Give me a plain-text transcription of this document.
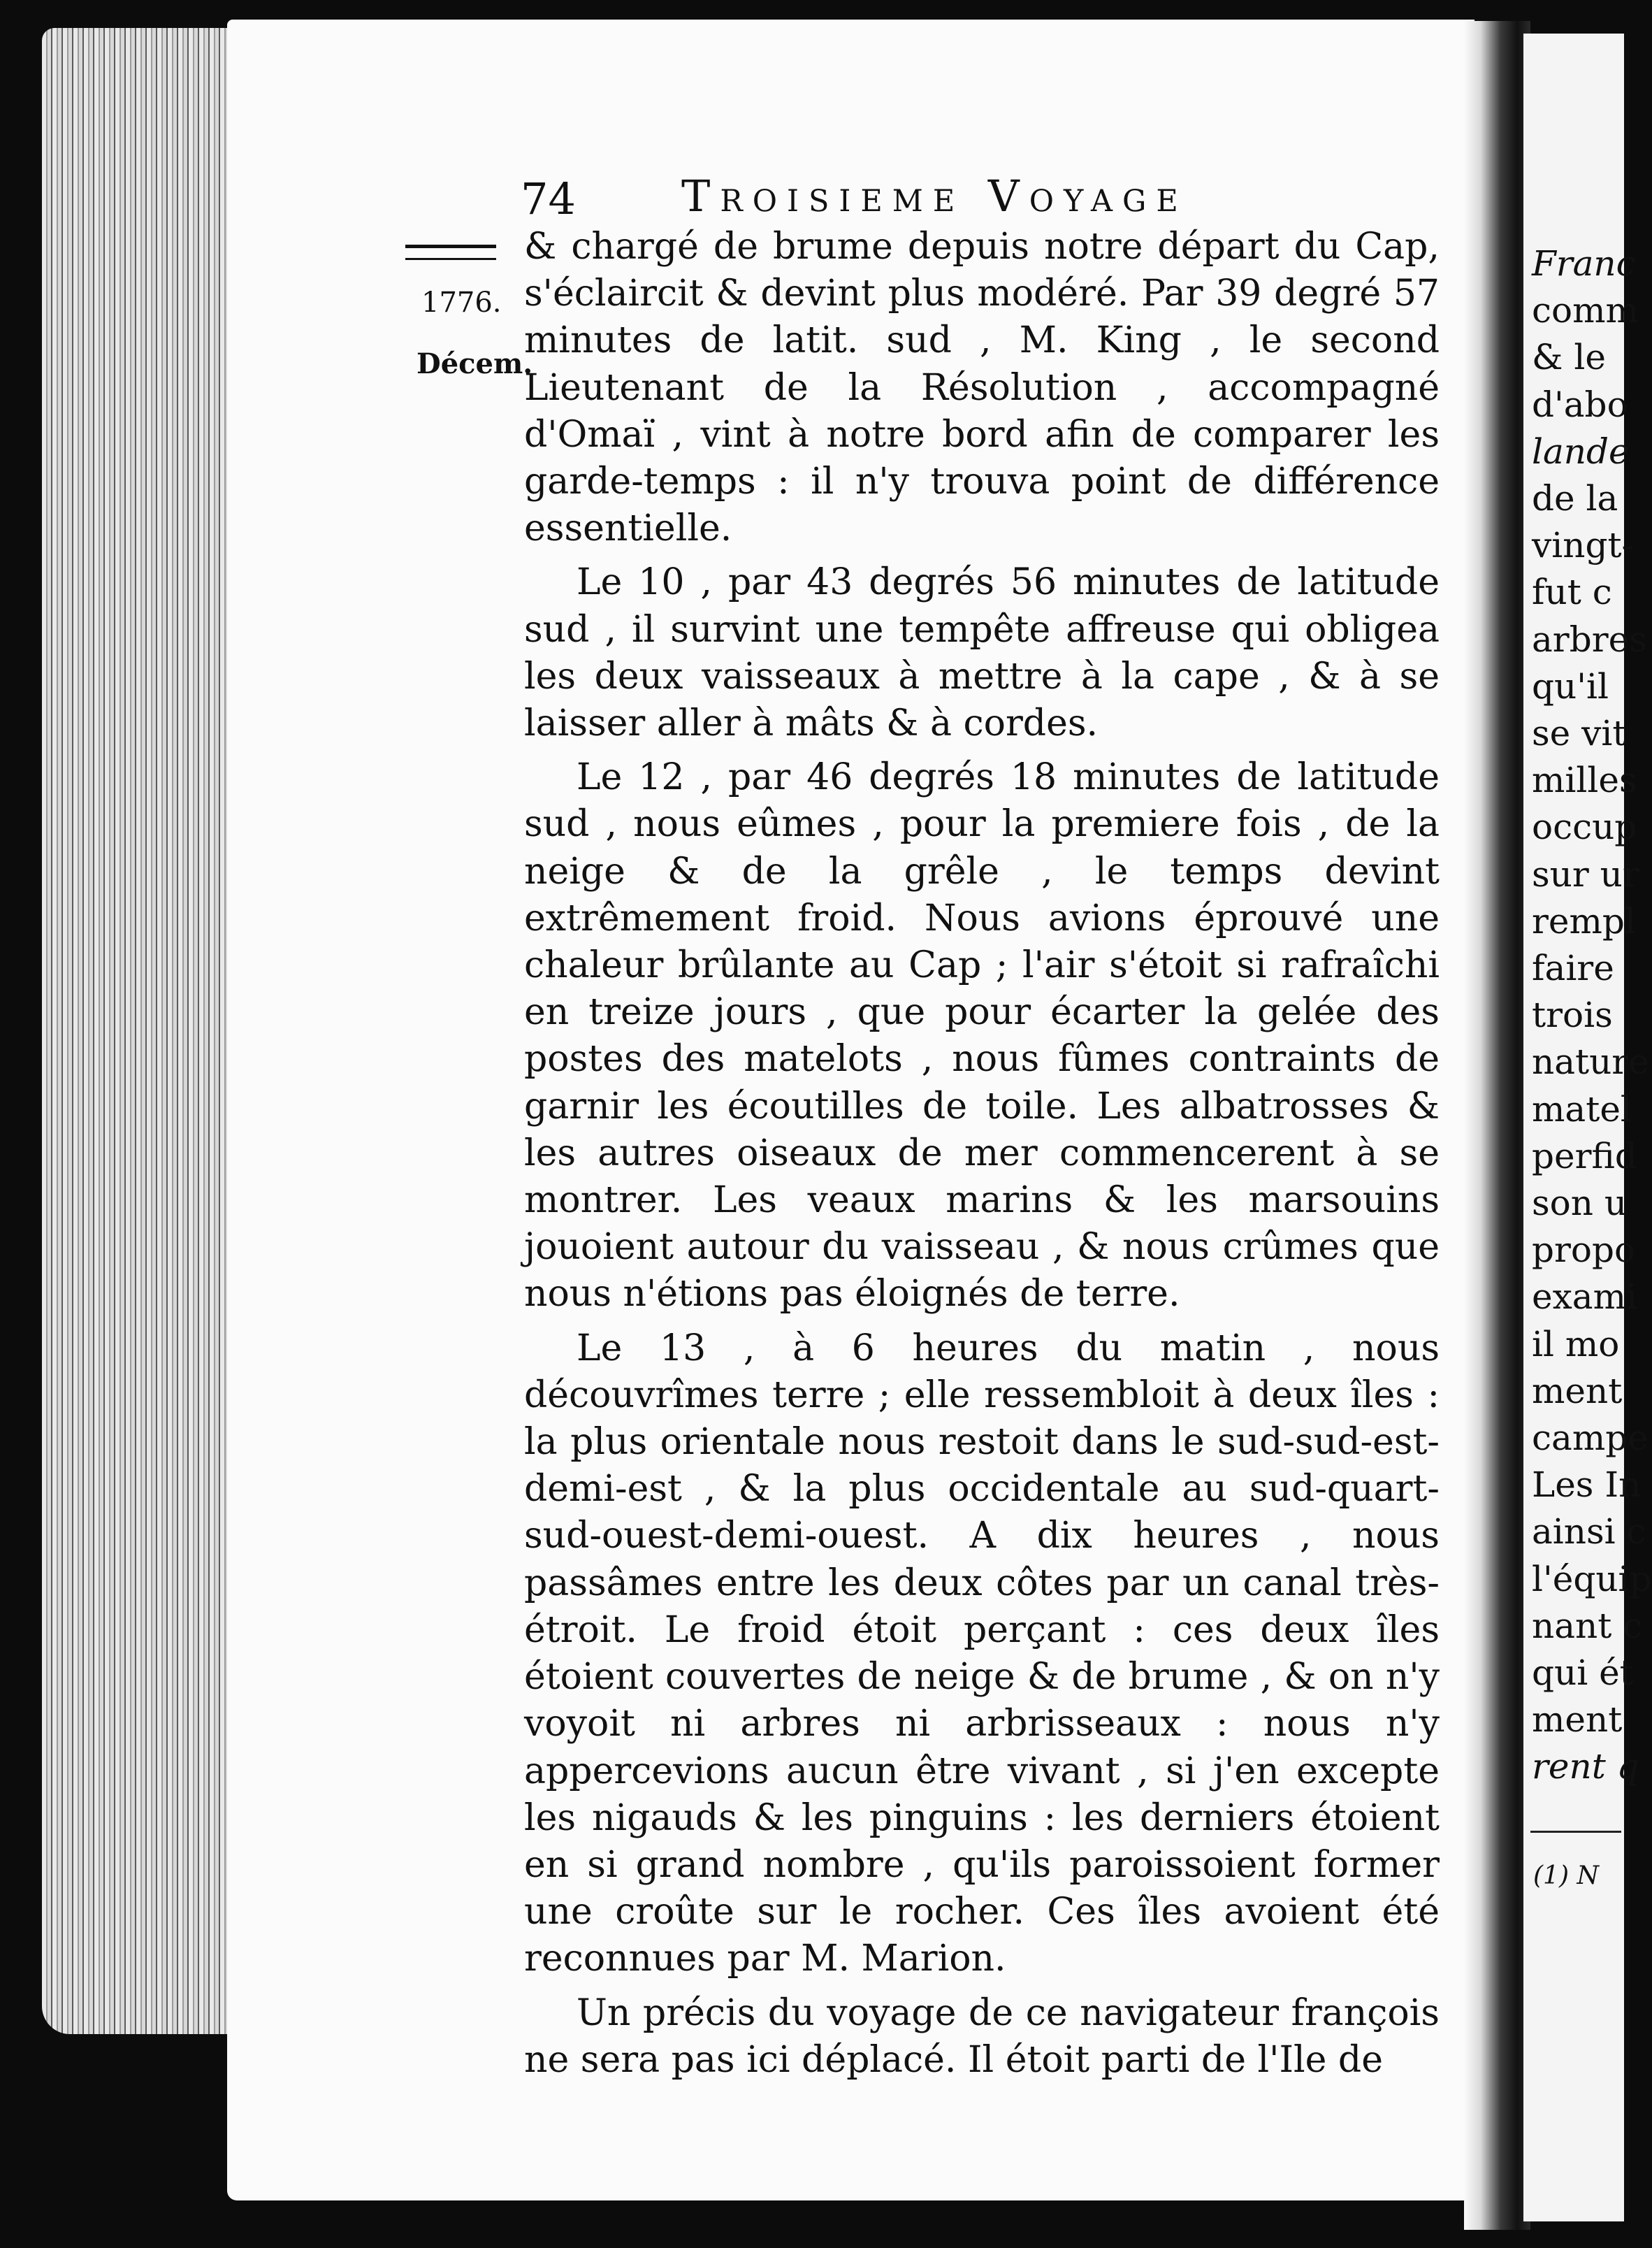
Franc
comm
& le
d'abo
lande
de la
vingt-
fut c
arbres
qu'il
se vit
milles
occup
sur ur
rempl
faire
trois
nature
matel
perfid
son u
propo
exami
il mo
ment
campe
Les In
ainsi c
l'équip
nant c
qui ét
ment
rent q
(1) N
74 Troisieme Voyage
1776.
Décem.

& chargé de brume depuis notre départ du Cap, s'éclaircit & devint plus modéré. Par 39 degré 57 minutes de latit. sud , M. King , le second Lieutenant de la Résolution , accompagné d'Omaï , vint à notre bord afin de comparer les garde-temps : il n'y trouva point de différence essentielle.

Le 10 , par 43 degrés 56 minutes de latitude sud , il survint une tempête affreuse qui obligea les deux vaisseaux à mettre à la cape , & à se laisser aller à mâts & à cordes.

Le 12 , par 46 degrés 18 minutes de latitude sud , nous eûmes , pour la premiere fois , de la neige & de la grêle , le temps devint extrêmement froid. Nous avions éprouvé une chaleur brûlante au Cap ; l'air s'étoit si rafraîchi en treize jours , que pour écarter la gelée des postes des matelots , nous fûmes contraints de garnir les écoutilles de toile. Les albatrosses & les autres oiseaux de mer commencerent à se montrer. Les veaux marins & les marsouins jouoient autour du vaisseau , & nous crûmes que nous n'étions pas éloignés de terre.

Le 13 , à 6 heures du matin , nous découvrîmes terre ; elle ressembloit à deux îles : la plus orientale nous restoit dans le sud-sud-est-demi-est , & la plus occidentale au sud-quart-sud-ouest-demi-ouest. A dix heures , nous passâmes entre les deux côtes par un canal très-étroit. Le froid étoit perçant : ces deux îles étoient couvertes de neige & de brume , & on n'y voyoit ni arbres ni arbrisseaux : nous n'y appercevions aucun être vivant , si j'en excepte les nigauds & les pinguins : les derniers étoient en si grand nombre , qu'ils paroissoient former une croûte sur le rocher. Ces îles avoient été reconnues par M. Marion.

Un précis du voyage de ce navigateur françois ne sera pas ici déplacé. Il étoit parti de l'Ile de
